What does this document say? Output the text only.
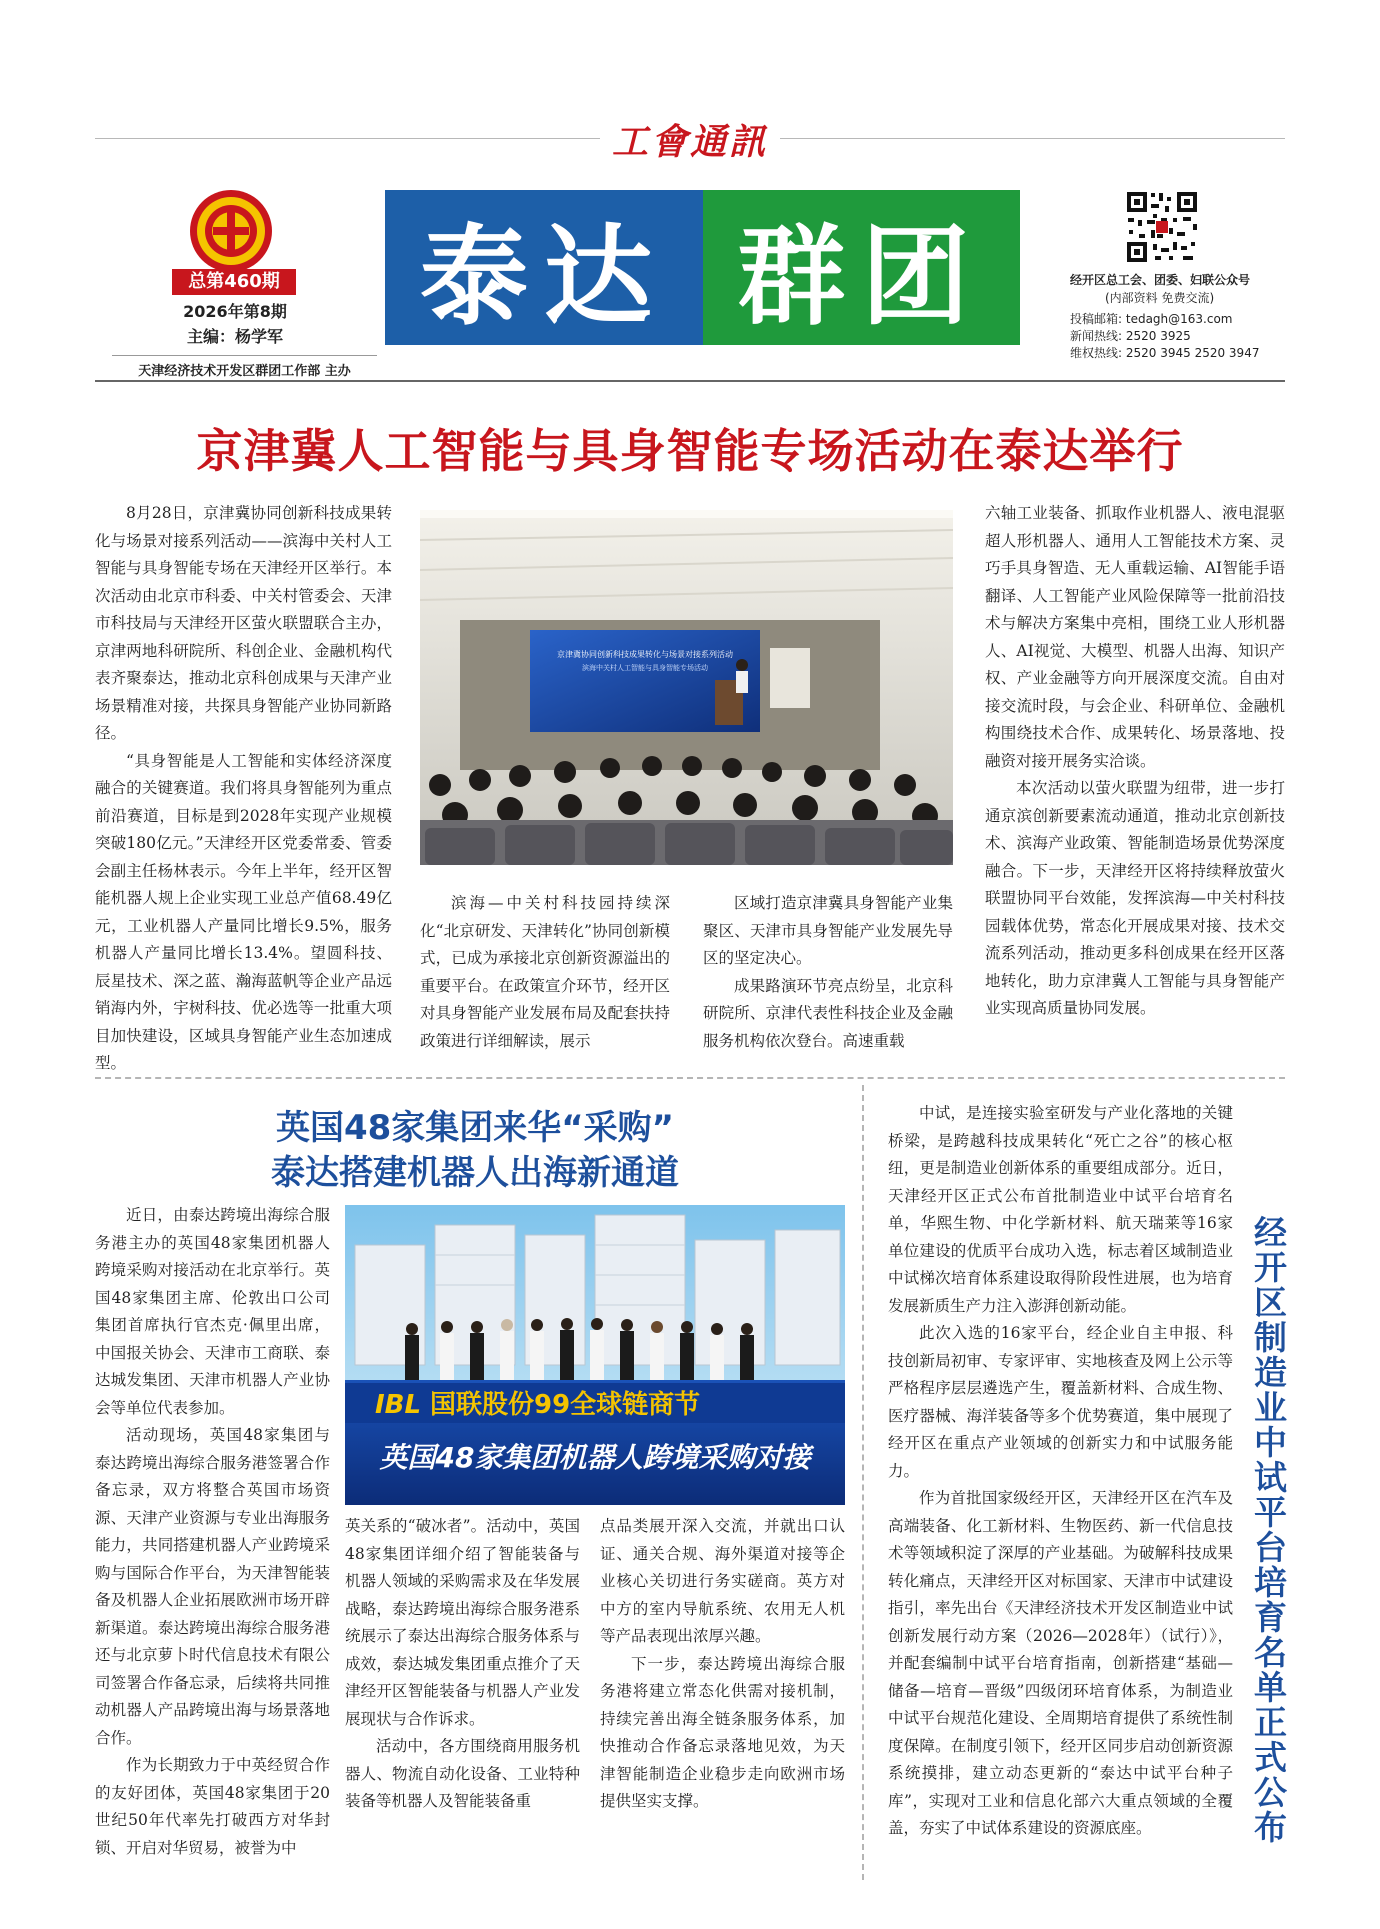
工會通訊
总第460期
2026年第8期
主编：杨学军
天津经济技术开发区群团工作部 主办
泰达 群团	经开区总工会、团委、妇联公众号
(内部资料 免费交流)
投稿邮箱: tedagh@163.com
新闻热线: 2520 3925
维权热线: 2520 3945 2520 3947
京津冀人工智能与具身智能专场活动在泰达举行

8月28日，京津冀协同创新科技成果转化与场景对接系列活动——滨海中关村人工智能与具身智能专场在天津经开区举行。本次活动由北京市科委、中关村管委会、天津市科技局与天津经开区萤火联盟联合主办，京津两地科研院所、科创企业、金融机构代表齐聚泰达，推动北京科创成果与天津产业场景精准对接，共探具身智能产业协同新路径。

“具身智能是人工智能和实体经济深度融合的关键赛道。我们将具身智能列为重点前沿赛道，目标是到2028年实现产业规模突破180亿元。”天津经开区党委常委、管委会副主任杨林表示。今年上半年，经开区智能机器人规上企业实现工业总产值68.49亿元，工业机器人产量同比增长9.5%，服务机器人产量同比增长13.4%。望圆科技、辰星技术、深之蓝、瀚海蓝帆等企业产品远销海内外，宇树科技、优必选等一批重大项目加快建设，区域具身智能产业生态加速成型。

京津冀协同创新科技成果转化与场景对接系列活动
滨海中关村人工智能与具身智能专场活动

滨海—中关村科技园持续深化“北京研发、天津转化”协同创新模式，已成为承接北京创新资源溢出的重要平台。在政策宣介环节，经开区对具身智能产业发展布局及配套扶持政策进行详细解读，展示

区域打造京津冀具身智能产业集聚区、天津市具身智能产业发展先导区的坚定决心。

成果路演环节亮点纷呈，北京科研院所、京津代表性科技企业及金融服务机构依次登台。高速重载

六轴工业装备、抓取作业机器人、液电混驱超人形机器人、通用人工智能技术方案、灵巧手具身智造、无人重载运输、AI智能手语翻译、人工智能产业风险保障等一批前沿技术与解决方案集中亮相，围绕工业人形机器人、AI视觉、大模型、机器人出海、知识产权、产业金融等方向开展深度交流。自由对接交流时段，与会企业、科研单位、金融机构围绕技术合作、成果转化、场景落地、投融资对接开展务实洽谈。

本次活动以萤火联盟为纽带，进一步打通京滨创新要素流动通道，推动北京创新技术、滨海产业政策、智能制造场景优势深度融合。下一步，天津经开区将持续释放萤火联盟协同平台效能，发挥滨海—中关村科技园载体优势，常态化开展成果对接、技术交流系列活动，推动更多科创成果在经开区落地转化，助力京津冀人工智能与具身智能产业实现高质量协同发展。

英国48家集团来华“采购”
泰达搭建机器人出海新通道

近日，由泰达跨境出海综合服务港主办的英国48家集团机器人跨境采购对接活动在北京举行。英国48家集团主席、伦敦出口公司集团首席执行官杰克·佩里出席，中国报关协会、天津市工商联、泰达城发集团、天津市机器人产业协会等单位代表参加。

活动现场，英国48家集团与泰达跨境出海综合服务港签署合作备忘录，双方将整合英国市场资源、天津产业资源与专业出海服务能力，共同搭建机器人产业跨境采购与国际合作平台，为天津智能装备及机器人企业拓展欧洲市场开辟新渠道。泰达跨境出海综合服务港还与北京萝卜时代信息技术有限公司签署合作备忘录，后续将共同推动机器人产品跨境出海与场景落地合作。

作为长期致力于中英经贸合作的友好团体，英国48家集团于20世纪50年代率先打破西方对华封锁、开启对华贸易，被誉为中

IBL 国联股份99全球链商节
英国48家集团机器人跨境采购对接

英关系的“破冰者”。活动中，英国48家集团详细介绍了智能装备与机器人领域的采购需求及在华发展战略，泰达跨境出海综合服务港系统展示了泰达出海综合服务体系与成效，泰达城发集团重点推介了天津经开区智能装备与机器人产业发展现状与合作诉求。

活动中，各方围绕商用服务机器人、物流自动化设备、工业特种装备等机器人及智能装备重

点品类展开深入交流，并就出口认证、通关合规、海外渠道对接等企业核心关切进行务实磋商。英方对中方的室内导航系统、农用无人机等产品表现出浓厚兴趣。

下一步，泰达跨境出海综合服务港将建立常态化供需对接机制，持续完善出海全链条服务体系，加快推动合作备忘录落地见效，为天津智能制造企业稳步走向欧洲市场提供坚实支撑。

中试，是连接实验室研发与产业化落地的关键桥梁，是跨越科技成果转化“死亡之谷”的核心枢纽，更是制造业创新体系的重要组成部分。近日，天津经开区正式公布首批制造业中试平台培育名单，华熙生物、中化学新材料、航天瑞莱等16家单位建设的优质平台成功入选，标志着区域制造业中试梯次培育体系建设取得阶段性进展，也为培育发展新质生产力注入澎湃创新动能。

此次入选的16家平台，经企业自主申报、科技创新局初审、专家评审、实地核查及网上公示等严格程序层层遴选产生，覆盖新材料、合成生物、医疗器械、海洋装备等多个优势赛道，集中展现了经开区在重点产业领域的创新实力和中试服务能力。

作为首批国家级经开区，天津经开区在汽车及高端装备、化工新材料、生物医药、新一代信息技术等领域积淀了深厚的产业基础。为破解科技成果转化痛点，天津经开区对标国家、天津市中试建设指引，率先出台《天津经济技术开发区制造业中试创新发展行动方案（2026—2028年）（试行）》，并配套编制中试平台培育指南，创新搭建“基础—储备—培育—晋级”四级闭环培育体系，为制造业中试平台规范化建设、全周期培育提供了系统性制度保障。在制度引领下，经开区同步启动创新资源系统摸排，建立动态更新的“泰达中试平台种子库”，实现对工业和信息化部六大重点领域的全覆盖，夯实了中试体系建设的资源底座。	经开区制造业中试平台培育名单正式公布
